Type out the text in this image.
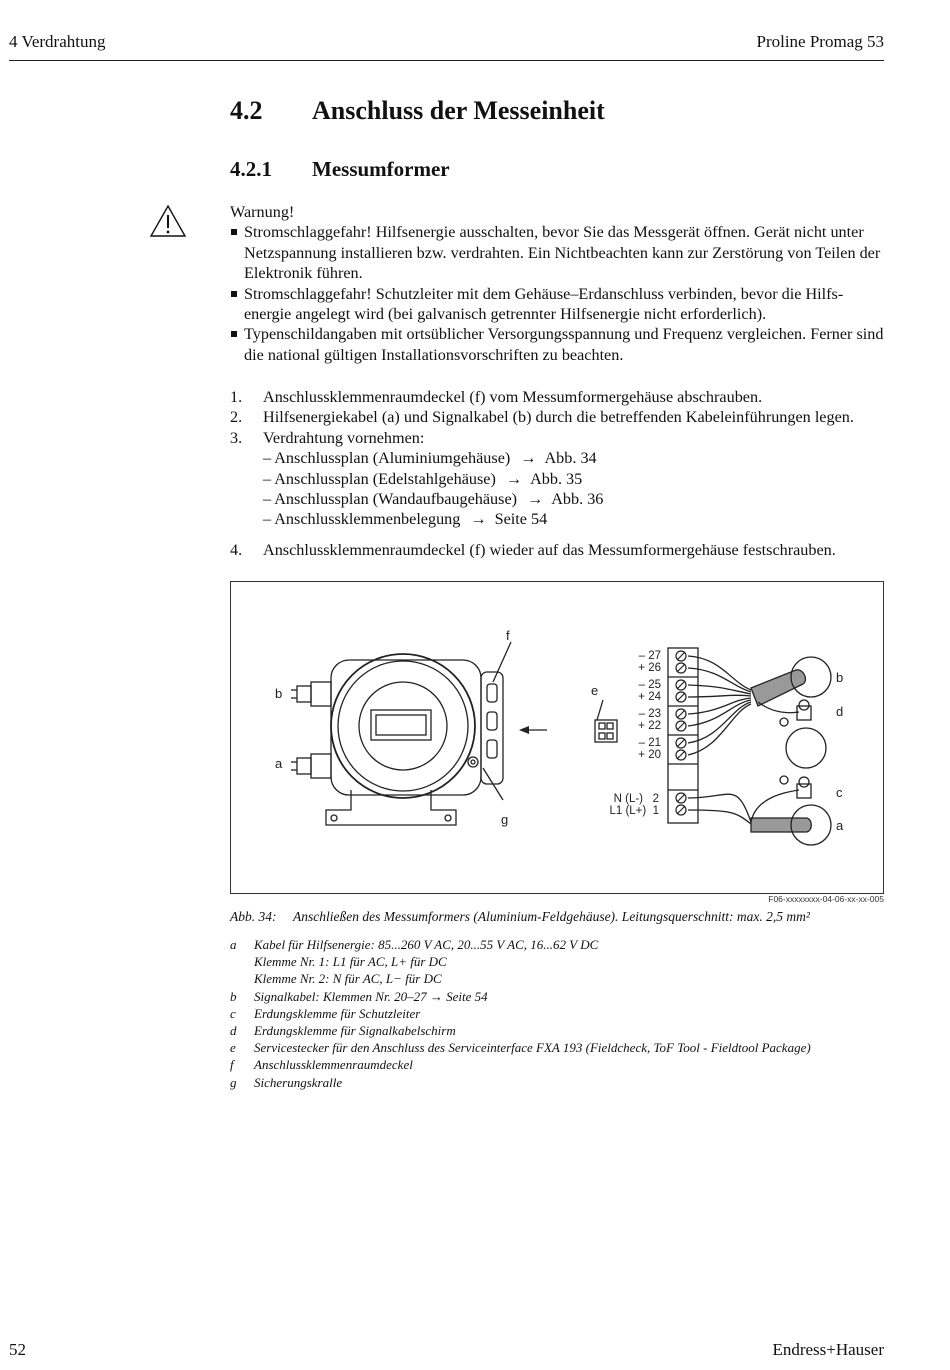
4 Verdrahtung	Proline Promag 53
4.2 Anschluss der Messeinheit
4.2.1 Messumformer
Warnung!
Stromschlaggefahr! Hilfsenergie ausschalten, bevor Sie das Messgerät öffnen. Gerät nicht unter Netzspannung installieren bzw. verdrahten. Ein Nichtbeachten kann zur Zerstörung von Teilen der Elektronik führen.
Stromschlaggefahr! Schutzleiter mit dem Gehäuse–Erdanschluss verbinden, bevor die Hilfs-energie angelegt wird (bei galvanisch getrennter Hilfsenergie nicht erforderlich).
Typenschildangaben mit ortsüblicher Versorgungsspannung und Frequenz vergleichen. Ferner sind die national gültigen Installationsvorschriften zu beachten.
1. Anschlussklemmenraumdeckel (f) vom Messumformergehäuse abschrauben.
2. Hilfsenergiekabel (a) und Signalkabel (b) durch die betreffenden Kabeleinführungen legen.
3. Verdrahtung vornehmen:
– Anschlussplan (Aluminiumgehäuse) → Abb. 34
– Anschlussplan (Edelstahlgehäuse) → Abb. 35
– Anschlussplan (Wandaufbaugehäuse) → Abb. 36
– Anschlussklemmenbelegung → Seite 54
4. Anschlussklemmenraumdeckel (f) wieder auf das Messumformergehäuse festschrauben.
b
a
f
g
e
b
d
c
a
– 27
+ 26
– 25
+ 24
– 23
+ 22
– 21
+ 20
N (L-)   2
L1 (L+)  1
F06-xxxxxxxx-04-06-xx-xx-005
Abb. 34: Anschließen des Messumformers (Aluminium-Feldgehäuse). Leitungsquerschnitt: max. 2,5 mm²
a Kabel für Hilfsenergie: 85...260 V AC, 20...55 V AC, 16...62 V DC
Klemme Nr. 1: L1 für AC, L+ für DC
Klemme Nr. 2: N für AC, L− für DC
b Signalkabel: Klemmen Nr. 20–27 → Seite 54
c Erdungsklemme für Schutzleiter
d Erdungsklemme für Signalkabelschirm
e Servicestecker für den Anschluss des Serviceinterface FXA 193 (Fieldcheck, ToF Tool - Fieldtool Package)
f Anschlussklemmenraumdeckel
g Sicherungskralle
52	Endress+Hauser
